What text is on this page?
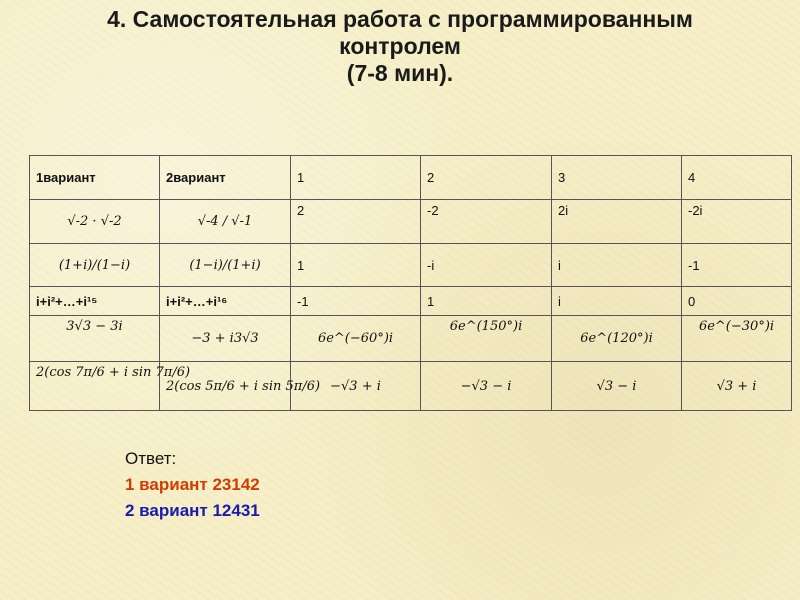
4. Самостоятельная работа с программированным
контролем
(7-8 мин).
1вариант	2вариант	1	2	3	4
√-2 · √-2	√-4 / √-1	2	-2	2i	-2i
(1+i)/(1−i)	(1−i)/(1+i)	1	-i	i	-1
i+i²+…+i¹⁵	i+i²+…+i¹⁶	-1	1	i	0
3√3 − 3i	−3 + i3√3	6e^(−60°)i	6e^(150°)i	6e^(120°)i	6e^(−30°)i
2(cos 7π/6 + i sin 7π/6)	2(cos 5π/6 + i sin 5π/6)	−√3 + i	−√3 − i	√3 − i	√3 + i
Ответ:
1 вариант 23142
2 вариант 12431
